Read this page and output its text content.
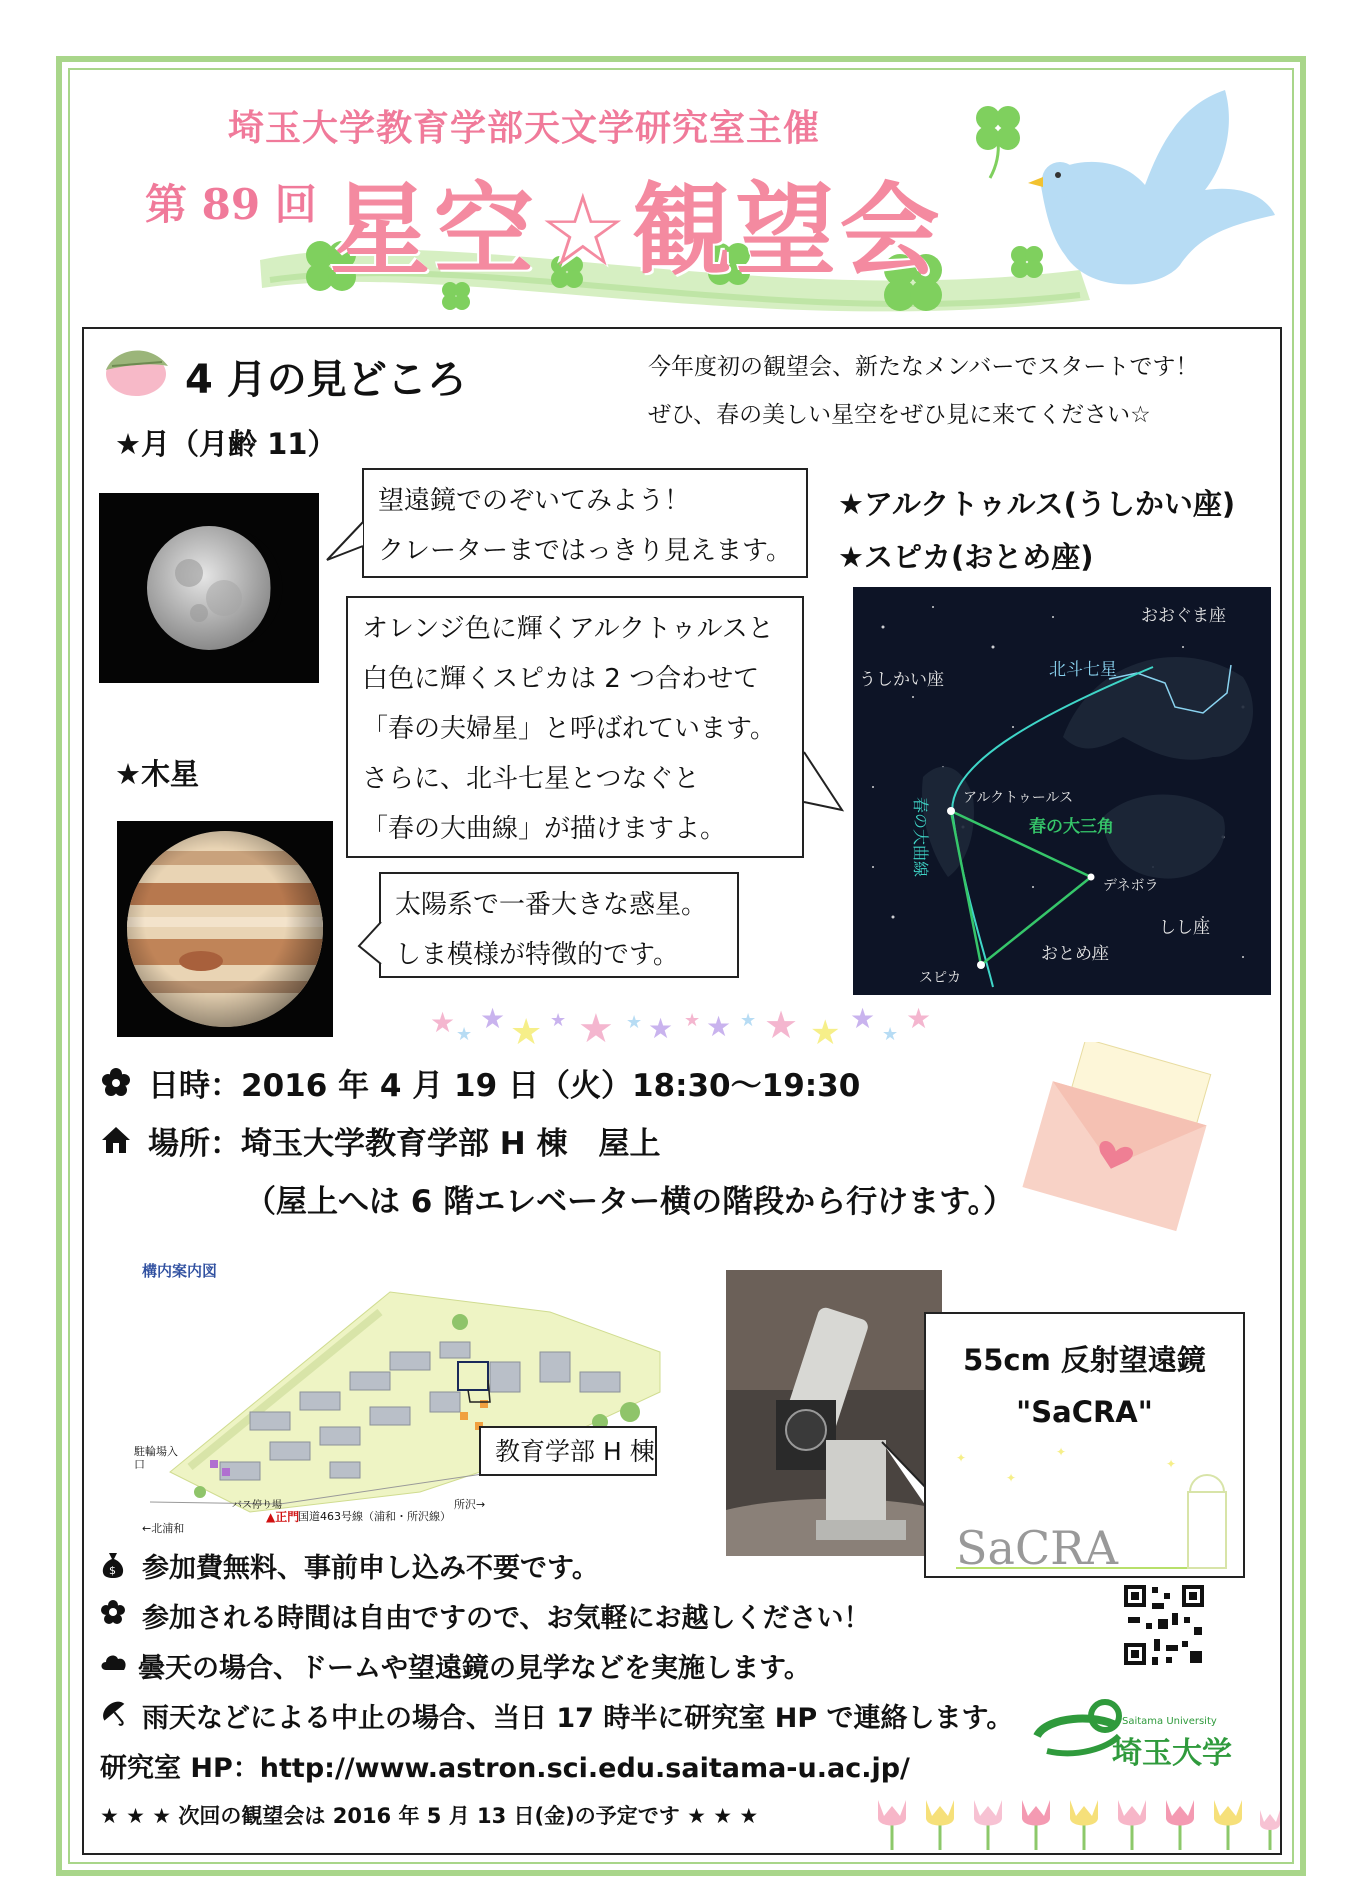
埼玉大学教育学部天文学研究室主催
第 89 回 星空☆観望会
4 月の見どころ	今年度初の観望会、新たなメンバーでスタートです！
ぜひ、春の美しい星空をぜひ見に来てください☆
★月（月齢 11）
望遠鏡でのぞいてみよう！
クレーターまではっきり見えます。
★アルクトゥルス(うしかい座)
★スピカ(おとめ座)
オレンジ色に輝くアルクトゥルスと
白色に輝くスピカは 2 つ合わせて
「春の夫婦星」と呼ばれています。
さらに、北斗七星とつなぐと
「春の大曲線」が描けますよ。	春の大曲線
おおぐま座
北斗七星
うしかい座
アルクトゥールス
春の大三角
デネボラ
しし座
おとめ座
スピカ
★木星
太陽系で一番大きな惑星。
しま模様が特徴的です。
★ ★ ★ ★ ★ ★ ★ ★ ★ ★ ★ ★ ★ ★ ★ ★
日時：2016 年 4 月 19 日（火）18:30～19:30
場所：埼玉大学教育学部 H 棟　屋上
（屋上へは 6 階エレベーター横の階段から行けます。）
構内案内図
駐輪場入口
バス停り場
▲正門
国道463号線（浦和・所沢線）
所沢→
←北浦和
教育学部 H 棟
55cm 反射望遠鏡
"SaCRA"
✦	✦
✦
✦
SaCRA
$ 参加費無料、事前申し込み不要です。
参加される時間は自由ですので、お気軽にお越しください！
曇天の場合、ドームや望遠鏡の見学などを実施します。
雨天などによる中止の場合、当日 17 時半に研究室 HP で連絡します。
研究室 HP：http://www.astron.sci.edu.saitama-u.ac.jp/
★ ★ ★ 次回の観望会は 2016 年 5 月 13 日(金)の予定です ★ ★ ★
Saitama University
埼玉大学
